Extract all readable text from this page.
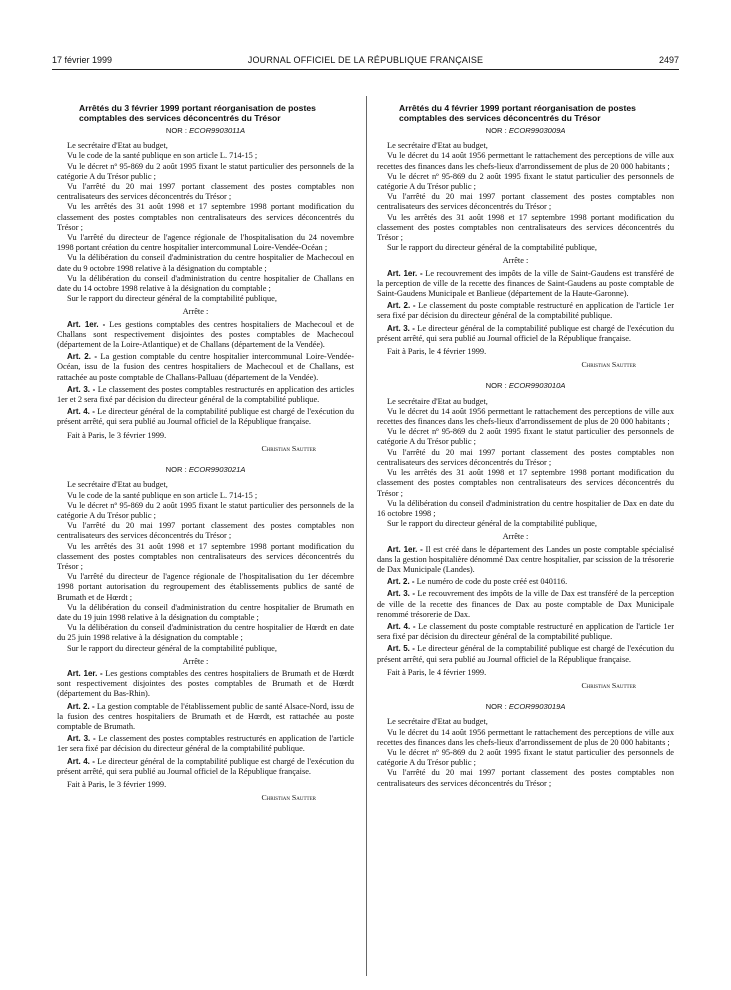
17 février 1999	JOURNAL OFFICIEL DE LA RÉPUBLIQUE FRANÇAISE	2497
Arrêtés du 3 février 1999 portant réorganisation de postes comptables des services déconcentrés du Trésor
NOR : ECOR9903011A

Le secrétaire d'Etat au budget,

Vu le code de la santé publique en son article L. 714-15 ;

Vu le décret nº 95-869 du 2 août 1995 fixant le statut particulier des personnels de la catégorie A du Trésor public ;

Vu l'arrêté du 20 mai 1997 portant classement des postes comptables non centralisateurs des services déconcentrés du Trésor ;

Vu les arrêtés des 31 août 1998 et 17 septembre 1998 portant modification du classement des postes comptables non centralisateurs des services déconcentrés du Trésor ;

Vu l'arrêté du directeur de l'agence régionale de l'hospitalisation du 24 novembre 1998 portant création du centre hospitalier intercommunal Loire-Vendée-Océan ;

Vu la délibération du conseil d'administration du centre hospitalier de Machecoul en date du 9 octobre 1998 relative à la désignation du comptable ;

Vu la délibération du conseil d'administration du centre hospitalier de Challans en date du 14 octobre 1998 relative à la désignation du comptable ;

Sur le rapport du directeur général de la comptabilité publique,

Arrête :

Art. 1er. - Les gestions comptables des centres hospitaliers de Machecoul et de Challans sont respectivement disjointes des postes comptables de Machecoul (département de la Loire-Atlantique) et de Challans (département de la Vendée).

Art. 2. - La gestion comptable du centre hospitalier intercommunal Loire-Vendée-Océan, issu de la fusion des centres hospitaliers de Machecoul et de Challans, est rattachée au poste comptable de Challans-Palluau (département de la Vendée).

Art. 3. - Le classement des postes comptables restructurés en application des articles 1er et 2 sera fixé par décision du directeur général de la comptabilité publique.

Art. 4. - Le directeur général de la comptabilité publique est chargé de l'exécution du présent arrêté, qui sera publié au Journal officiel de la République française.

Fait à Paris, le 3 février 1999.

Christian Sautter

NOR : ECOR9903021A

Le secrétaire d'Etat au budget,

Vu le code de la santé publique en son article L. 714-15 ;

Vu le décret nº 95-869 du 2 août 1995 fixant le statut particulier des personnels de la catégorie A du Trésor public ;

Vu l'arrêté du 20 mai 1997 portant classement des postes comptables non centralisateurs des services déconcentrés du Trésor ;

Vu les arrêtés des 31 août 1998 et 17 septembre 1998 portant modification du classement des postes comptables non centralisateurs des services déconcentrés du Trésor ;

Vu l'arrêté du directeur de l'agence régionale de l'hospitalisation du 1er décembre 1998 portant autorisation du regroupement des établissements publics de santé de Brumath et de Hœrdt ;

Vu la délibération du conseil d'administration du centre hospitalier de Brumath en date du 19 juin 1998 relative à la désignation du comptable ;

Vu la délibération du conseil d'administration du centre hospitalier de Hœrdt en date du 25 juin 1998 relative à la désignation du comptable ;

Sur le rapport du directeur général de la comptabilité publique,

Arrête :

Art. 1er. - Les gestions comptables des centres hospitaliers de Brumath et de Hœrdt sont respectivement disjointes des postes comptables de Brumath et de Hœrdt (département du Bas-Rhin).

Art. 2. - La gestion comptable de l'établissement public de santé Alsace-Nord, issu de la fusion des centres hospitaliers de Brumath et de Hœrdt, est rattachée au poste comptable de Brumath.

Art. 3. - Le classement des postes comptables restructurés en application de l'article 1er sera fixé par décision du directeur général de la comptabilité publique.

Art. 4. - Le directeur général de la comptabilité publique est chargé de l'exécution du présent arrêté, qui sera publié au Journal officiel de la République française.

Fait à Paris, le 3 février 1999.

Christian Sautter

Arrêtés du 4 février 1999 portant réorganisation de postes comptables des services déconcentrés du Trésor
NOR : ECOR9903009A

Le secrétaire d'Etat au budget,

Vu le décret du 14 août 1956 permettant le rattachement des perceptions de ville aux recettes des finances dans les chefs-lieux d'arrondissement de plus de 20 000 habitants ;

Vu le décret nº 95-869 du 2 août 1995 fixant le statut particulier des personnels de catégorie A du Trésor public ;

Vu l'arrêté du 20 mai 1997 portant classement des postes comptables non centralisateurs des services déconcentrés du Trésor ;

Vu les arrêtés des 31 août 1998 et 17 septembre 1998 portant modification du classement des postes comptables non centralisateurs des services déconcentrés du Trésor ;

Sur le rapport du directeur général de la comptabilité publique,

Arrête :

Art. 1er. - Le recouvrement des impôts de la ville de Saint-Gaudens est transféré de la perception de ville de la recette des finances de Saint-Gaudens au poste comptable de Saint-Gaudens Municipale et Banlieue (département de la Haute-Garonne).

Art. 2. - Le classement du poste comptable restructuré en application de l'article 1er sera fixé par décision du directeur général de la comptabilité publique.

Art. 3. - Le directeur général de la comptabilité publique est chargé de l'exécution du présent arrêté, qui sera publié au Journal officiel de la République française.

Fait à Paris, le 4 février 1999.

Christian Sautter

NOR : ECOR9903010A

Le secrétaire d'Etat au budget,

Vu le décret du 14 août 1956 permettant le rattachement des perceptions de ville aux recettes des finances dans les chefs-lieux d'arrondissement de plus de 20 000 habitants ;

Vu le décret nº 95-869 du 2 août 1995 fixant le statut particulier des personnels de catégorie A du Trésor public ;

Vu l'arrêté du 20 mai 1997 portant classement des postes comptables non centralisateurs des services déconcentrés du Trésor ;

Vu les arrêtés des 31 août 1998 et 17 septembre 1998 portant modification du classement des postes comptables non centralisateurs des services déconcentrés du Trésor ;

Vu la délibération du conseil d'administration du centre hospitalier de Dax en date du 16 octobre 1998 ;

Sur le rapport du directeur général de la comptabilité publique,

Arrête :

Art. 1er. - Il est créé dans le département des Landes un poste comptable spécialisé dans la gestion hospitalière dénommé Dax centre hospitalier, par scission de la trésorerie de Dax Municipale (Landes).

Art. 2. - Le numéro de code du poste créé est 040116.

Art. 3. - Le recouvrement des impôts de la ville de Dax est transféré de la perception de ville de la recette des finances de Dax au poste comptable de Dax Municipale renommé trésorerie de Dax.

Art. 4. - Le classement du poste comptable restructuré en application de l'article 1er sera fixé par décision du directeur général de la comptabilité publique.

Art. 5. - Le directeur général de la comptabilité publique est chargé de l'exécution du présent arrêté, qui sera publié au Journal officiel de la République française.

Fait à Paris, le 4 février 1999.

Christian Sautter

NOR : ECOR9903019A

Le secrétaire d'Etat au budget,

Vu le décret du 14 août 1956 permettant le rattachement des perceptions de ville aux recettes des finances dans les chefs-lieux d'arrondissement de plus de 20 000 habitants ;

Vu le décret nº 95-869 du 2 août 1995 fixant le statut particulier des personnels de catégorie A du Trésor public ;

Vu l'arrêté du 20 mai 1997 portant classement des postes comptables non centralisateurs des services déconcentrés du Trésor ;
